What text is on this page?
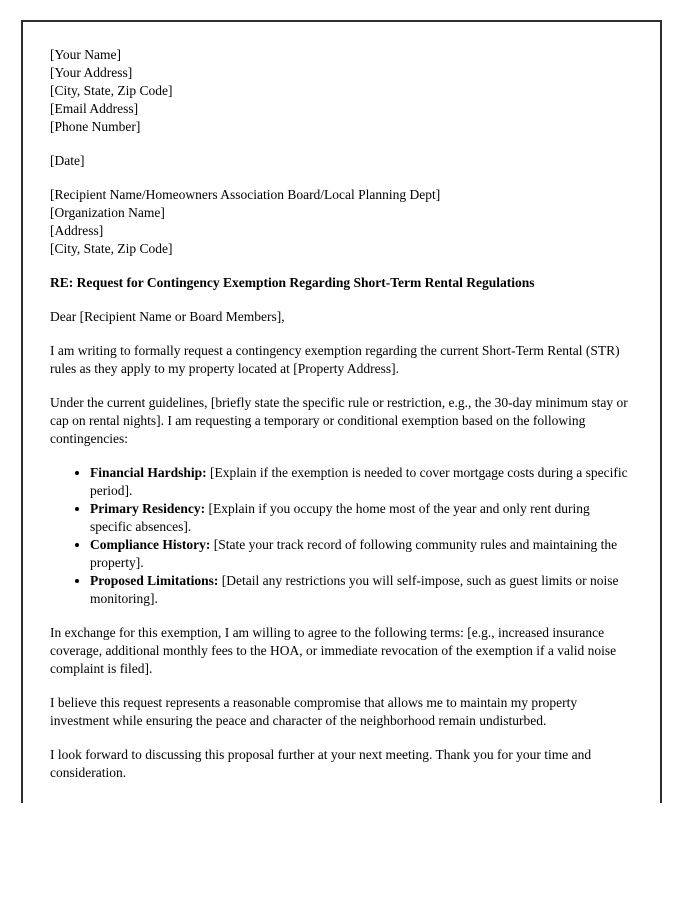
[Your Name]
[Your Address]
[City, State, Zip Code]
[Email Address]
[Phone Number]
[Date]
[Recipient Name/Homeowners Association Board/Local Planning Dept]
[Organization Name]
[Address]
[City, State, Zip Code]
RE: Request for Contingency Exemption Regarding Short-Term Rental Regulations
Dear [Recipient Name or Board Members],
I am writing to formally request a contingency exemption regarding the current Short-Term Rental (STR) rules as they apply to my property located at [Property Address].
Under the current guidelines, [briefly state the specific rule or restriction, e.g., the 30-day minimum stay or cap on rental nights]. I am requesting a temporary or conditional exemption based on the following contingencies:
• Financial Hardship: [Explain if the exemption is needed to cover mortgage costs during a specific period].
• Primary Residency: [Explain if you occupy the home most of the year and only rent during specific absences].
• Compliance History: [State your track record of following community rules and maintaining the property].
• Proposed Limitations: [Detail any restrictions you will self-impose, such as guest limits or noise monitoring].
In exchange for this exemption, I am willing to agree to the following terms: [e.g., increased insurance coverage, additional monthly fees to the HOA, or immediate revocation of the exemption if a valid noise complaint is filed].
I believe this request represents a reasonable compromise that allows me to maintain my property investment while ensuring the peace and character of the neighborhood remain undisturbed.
I look forward to discussing this proposal further at your next meeting. Thank you for your time and consideration.
